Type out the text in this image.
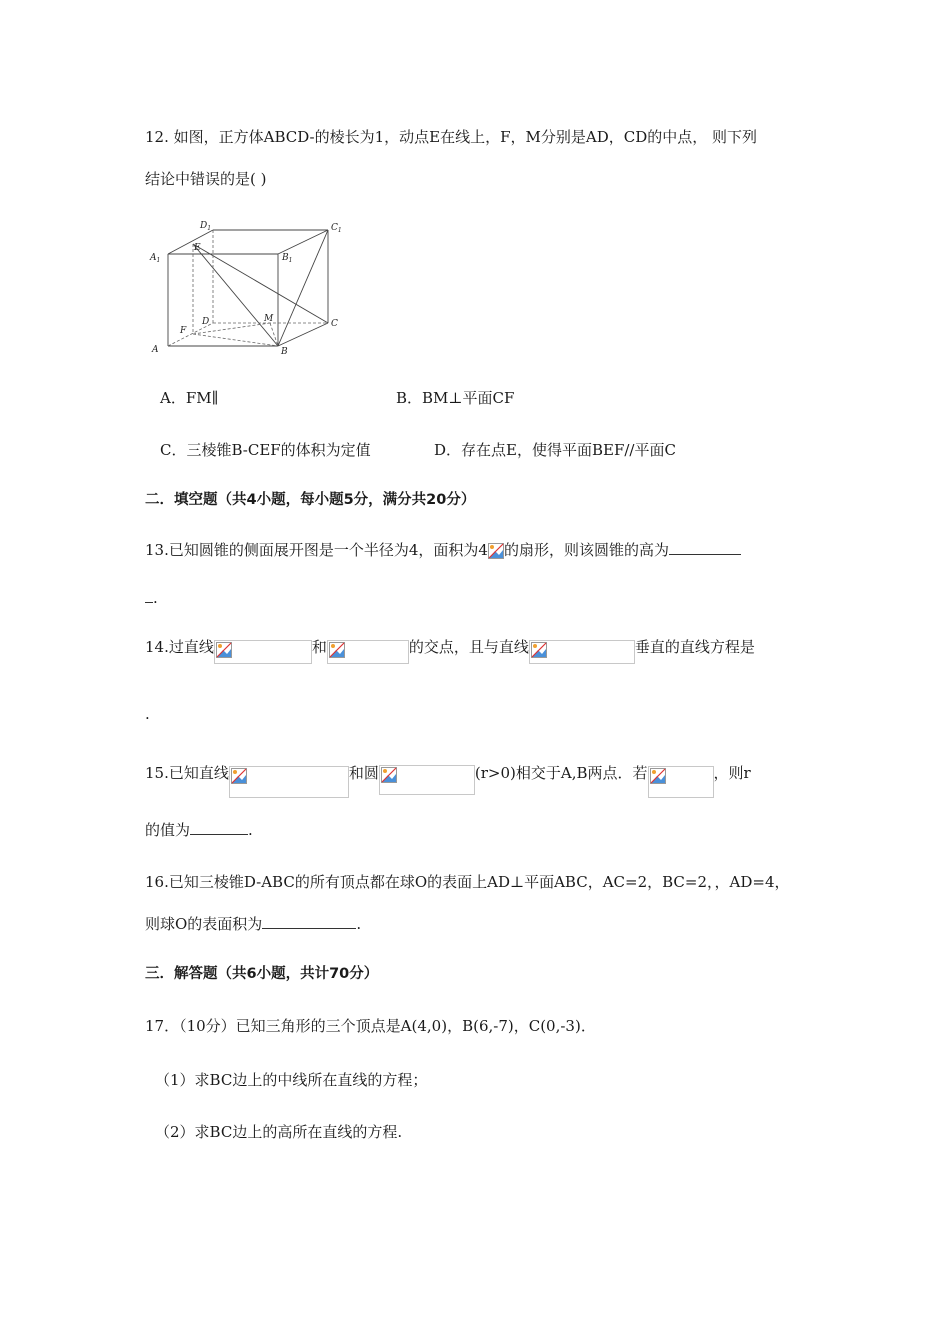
12. 如图，正方体ABCD-的棱长为1，动点E在线上，F，M分别是AD，CD的中点， 则下列
结论中错误的是( )
$D_1$	$C_1$
$A_1$	$B_1$
E
D	M	C
F
A	B
A．FM∥	B．BM⊥平面CF
C．三棱锥B-CEF的体积为定值	D．存在点E，使得平面BEF//平面C
二．填空题（共4小题，每小题5分，满分共20分）
13.已知圆锥的侧面展开图是一个半径为4，面积为4 的扇形，则该圆锥的高为
.
14.过直线	和	的交点，且与直线	垂直的直线方程是
.
15.已知直线	和圆	(r>0)相交于A,B两点．若	，则r
的值为	.
16.已知三棱锥D-ABC的所有顶点都在球O的表面上AD⊥平面ABC，AC=2，BC=2，，AD=4，
则球O的表面积为	.
三．解答题（共6小题，共计70分）
17．（10分）已知三角形的三个顶点是A(4,0)，B(6,-7)，C(0,-3)．
（1）求BC边上的中线所在直线的方程；
（2）求BC边上的高所在直线的方程.
